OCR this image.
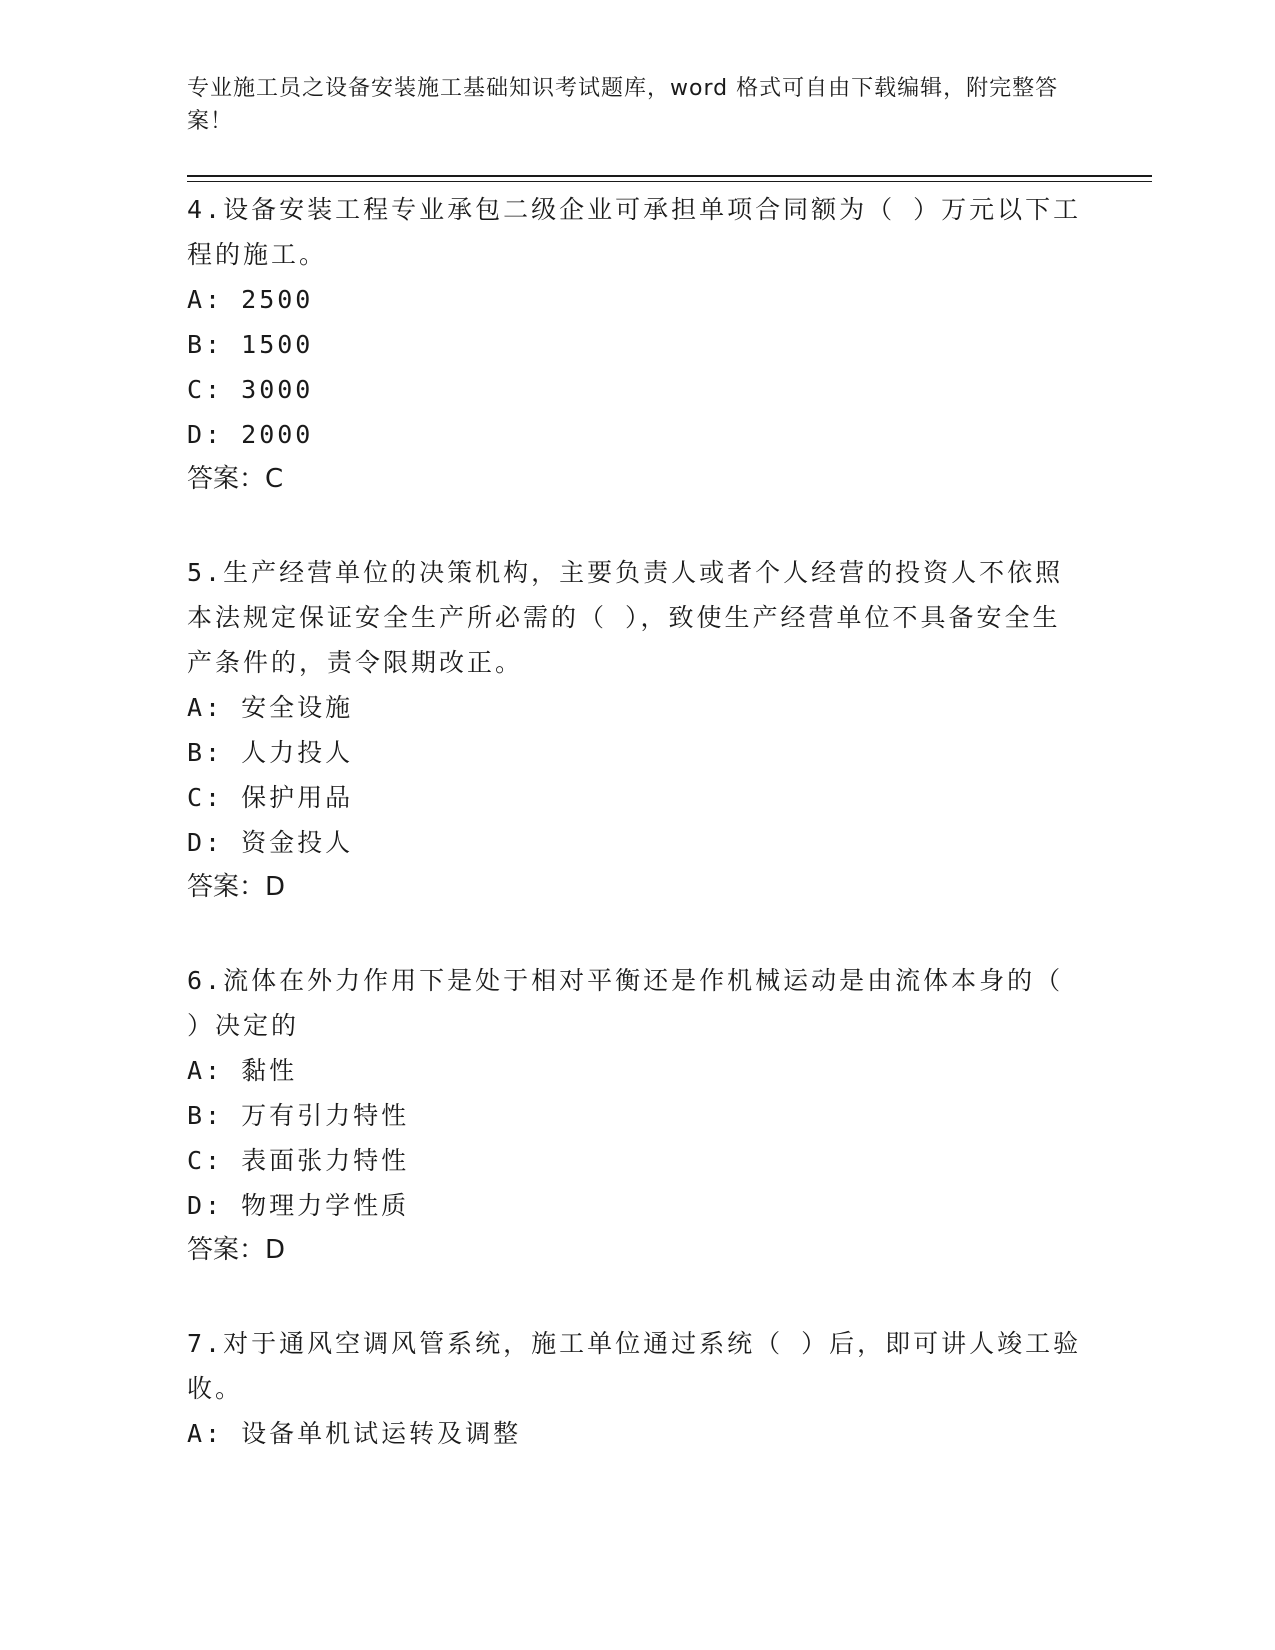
专业施工员之设备安装施工基础知识考试题库，word 格式可自由下载编辑，附完整答案！

4.设备安装工程专业承包二级企业可承担单项合同额为（ ）万元以下工程的施工。

A: 2500

B: 1500

C: 3000

D: 2000

答案：C

5.生产经营单位的决策机构，主要负责人或者个人经营的投资人不依照本法规定保证安全生产所必需的（ ），致使生产经营单位不具备安全生产条件的，责令限期改正。

A: 安全设施

B: 人力投人

C: 保护用品

D: 资金投人

答案：D

6.流体在外力作用下是处于相对平衡还是作机械运动是由流体本身的（ ）决定的

A: 黏性

B: 万有引力特性

C: 表面张力特性

D: 物理力学性质

答案：D

7.对于通风空调风管系统，施工单位通过系统（ ）后，即可讲人竣工验收。

A: 设备单机试运转及调整
